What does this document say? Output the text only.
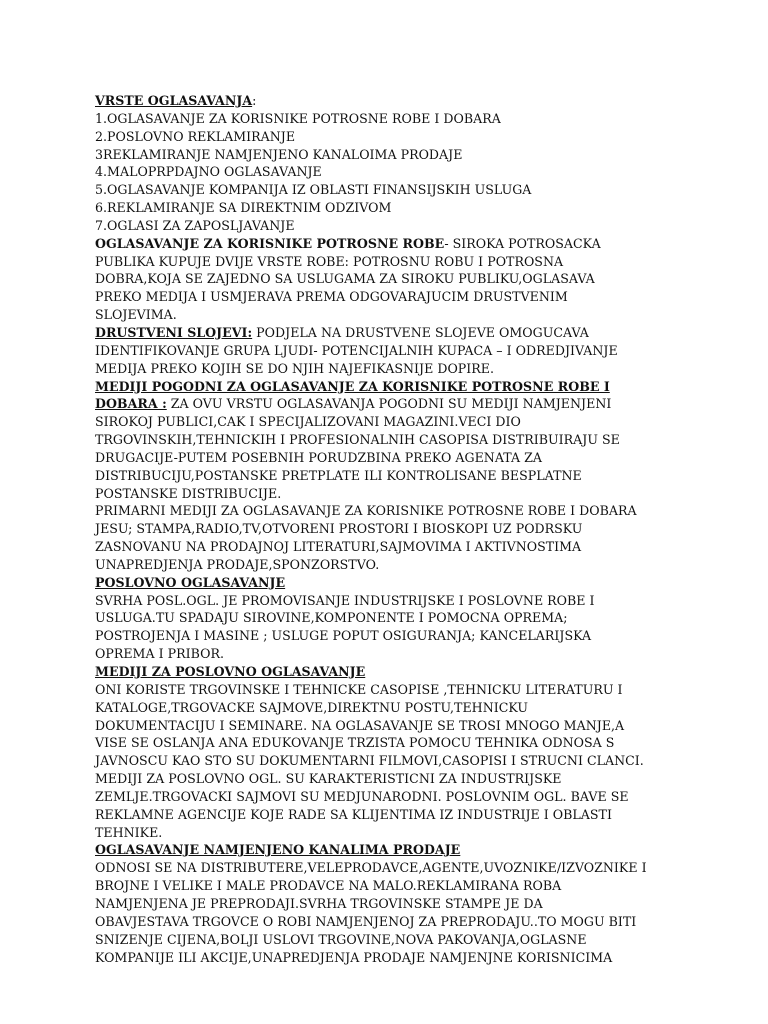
VRSTE OGLASAVANJA:
1.OGLASAVANJE ZA KORISNIKE POTROSNE ROBE I DOBARA
2.POSLOVNO REKLAMIRANJE
3REKLAMIRANJE NAMJENJENO KANALOIMA PRODAJE
4.MALOPRPDAJNO OGLASAVANJE
5.OGLASAVANJE KOMPANIJA IZ OBLASTI FINANSIJSKIH USLUGA
6.REKLAMIRANJE SA DIREKTNIM ODZIVOM
7.OGLASI ZA ZAPOSLJAVANJE
OGLASAVANJE ZA KORISNIKE POTROSNE ROBE- SIROKA POTROSACKA
PUBLIKA KUPUJE DVIJE VRSTE ROBE: POTROSNU ROBU I POTROSNA
DOBRA,KOJA SE ZAJEDNO SA USLUGAMA ZA SIROKU PUBLIKU,OGLASAVA
PREKO MEDIJA I USMJERAVA PREMA ODGOVARAJUCIM DRUSTVENIM
SLOJEVIMA.
DRUSTVENI SLOJEVI: PODJELA NA DRUSTVENE SLOJEVE OMOGUCAVA
IDENTIFIKOVANJE GRUPA LJUDI- POTENCIJALNIH KUPACA – I ODREDJIVANJE
MEDIJA PREKO KOJIH SE DO NJIH NAJEFIKASNIJE DOPIRE.
MEDIJI POGODNI ZA OGLASAVANJE ZA KORISNIKE POTROSNE ROBE I
DOBARA : ZA OVU VRSTU OGLASAVANJA POGODNI SU MEDIJI NAMJENJENI
SIROKOJ PUBLICI,CAK I SPECIJALIZOVANI MAGAZINI.VECI DIO
TRGOVINSKIH,TEHNICKIH I PROFESIONALNIH CASOPISA DISTRIBUIRAJU SE
DRUGACIJE-PUTEM POSEBNIH PORUDZBINA PREKO AGENATA ZA
DISTRIBUCIJU,POSTANSKE PRETPLATE ILI KONTROLISANE BESPLATNE
POSTANSKE DISTRIBUCIJE.
PRIMARNI MEDIJI ZA OGLASAVANJE ZA KORISNIKE POTROSNE ROBE I DOBARA
JESU; STAMPA,RADIO,TV,OTVORENI PROSTORI I BIOSKOPI UZ PODRSKU
ZASNOVANU NA PRODAJNOJ LITERATURI,SAJMOVIMA I AKTIVNOSTIMA
UNAPREDJENJA PRODAJE,SPONZORSTVO.
POSLOVNO OGLASAVANJE
SVRHA POSL.OGL. JE PROMOVISANJE INDUSTRIJSKE I POSLOVNE ROBE I
USLUGA.TU SPADAJU SIROVINE,KOMPONENTE I POMOCNA OPREMA;
POSTROJENJA I MASINE ; USLUGE POPUT OSIGURANJA; KANCELARIJSKA
OPREMA I PRIBOR.
MEDIJI ZA POSLOVNO OGLASAVANJE
ONI KORISTE TRGOVINSKE I TEHNICKE CASOPISE ,TEHNICKU LITERATURU I
KATALOGE,TRGOVACKE SAJMOVE,DIREKTNU POSTU,TEHNICKU
DOKUMENTACIJU I SEMINARE. NA OGLASAVANJE SE TROSI MNOGO MANJE,A
VISE SE OSLANJA ANA EDUKOVANJE TRZISTA POMOCU TEHNIKA ODNOSA S
JAVNOSCU KAO STO SU DOKUMENTARNI FILMOVI,CASOPISI I STRUCNI CLANCI.
MEDIJI ZA POSLOVNO OGL. SU KARAKTERISTICNI ZA INDUSTRIJSKE
ZEMLJE.TRGOVACKI SAJMOVI SU MEDJUNARODNI. POSLOVNIM OGL. BAVE SE
REKLAMNE AGENCIJE KOJE RADE SA KLIJENTIMA IZ INDUSTRIJE I OBLASTI
TEHNIKE.
OGLASAVANJE NAMJENJENO KANALIMA PRODAJE
ODNOSI SE NA DISTRIBUTERE,VELEPRODAVCE,AGENTE,UVOZNIKE/IZVOZNIKE I
BROJNE I VELIKE I MALE PRODAVCE NA MALO.REKLAMIRANA ROBA
NAMJENJENA JE PREPRODAJI.SVRHA TRGOVINSKE STAMPE JE DA
OBAVJESTAVA TRGOVCE O ROBI NAMJENJENOJ ZA PREPRODAJU..TO MOGU BITI
SNIZENJE CIJENA,BOLJI USLOVI TRGOVINE,NOVA PAKOVANJA,OGLASNE
KOMPANIJE ILI AKCIJE,UNAPREDJENJA PRODAJE NAMJENJNE KORISNICIMA
